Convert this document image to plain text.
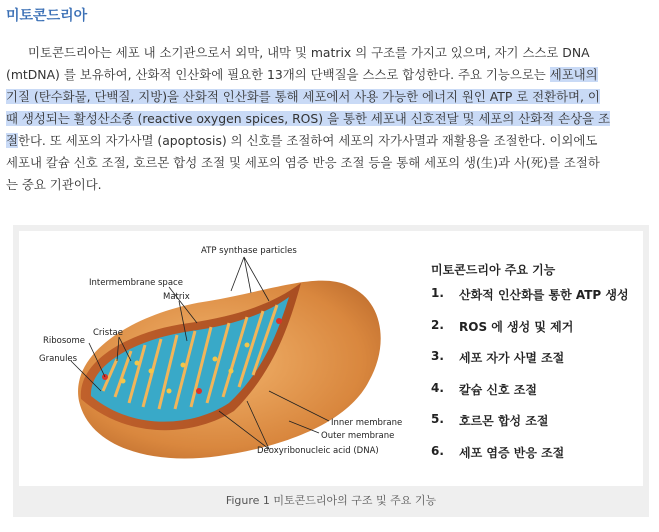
미토콘드리아

미토콘드리아는 세포 내 소기관으로서 외막, 내막 및 matrix 의 구조를 가지고 있으며, 자기 스스로 DNA
(mtDNA) 를 보유하여, 산화적 인산화에 필요한 13개의 단백질을 스스로 합성한다. 주요 기능으로는 세포내의
기질 (탄수화물, 단백질, 지방)을 산화적 인산화를 통해 세포에서 사용 가능한 에너지 원인 ATP 로 전환하며, 이
때 생성되는 활성산소종 (reactive oxygen spices, ROS) 을 통한 세포내 신호전달 및 세포의 산화적 손상을 조
절한다. 또 세포의 자가사멸 (apoptosis) 의 신호를 조절하여 세포의 자가사멸과 재활용을 조절한다. 이외에도
세포내 칼슘 신호 조절, 호르몬 합성 조절 및 세포의 염증 반응 조절 등을 통해 세포의 생(生)과 사(死)를 조절하
는 중요 기관이다.

ATP synthase particles
Intermembrane space
Matrix
Cristae
Ribosome
Granules
Inner membrane
Outer membrane
Deoxyribonucleic acid (DNA)
미토콘드리아 주요 기능
1.	산화적 인산화를 통한 ATP 생성
2.	ROS 에 생성 및 제거
3.	세포 자가 사멸 조절
4.	칼슘 신호 조절
5.	호르몬 합성 조절
6.	세포 염증 반응 조절
Figure 1 미토콘드리아의 구조 및 주요 기능
